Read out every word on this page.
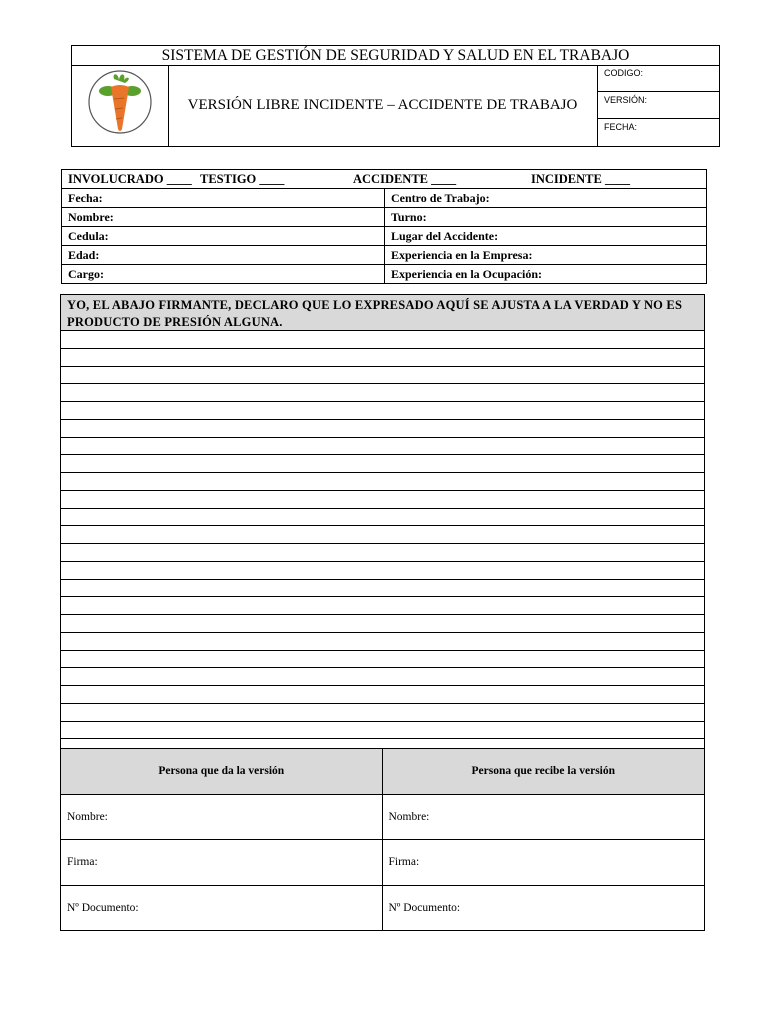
SISTEMA DE GESTIÓN DE SEGURIDAD Y SALUD EN EL TRABAJO
VERSIÓN LIBRE INCIDENTE – ACCIDENTE DE TRABAJO
CODIGO:
VERSIÓN:
FECHA:
INVOLUCRADO ____ TESTIGO ____	ACCIDENTE ____	INCIDENTE ____
Fecha:	Centro de Trabajo:
Nombre:	Turno:
Cedula:	Lugar del Accidente:
Edad:	Experiencia en la Empresa:
Cargo:	Experiencia en la Ocupación:
YO, EL ABAJO FIRMANTE, DECLARO QUE LO EXPRESADO AQUÍ SE AJUSTA A LA VERDAD Y NO ES PRODUCTO DE PRESIÓN ALGUNA.
Persona que da la versión	Persona que recibe la versión
Nombre:	Nombre:
Firma:	Firma:
Nº Documento:	Nº Documento:
